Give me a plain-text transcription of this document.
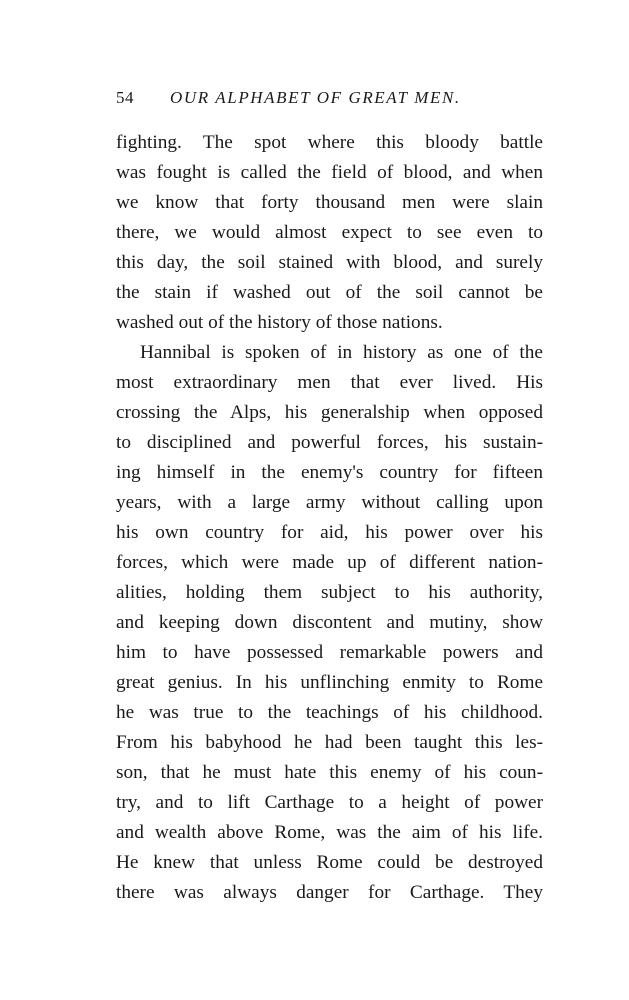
54 OUR ALPHABET OF GREAT MEN.
fighting. The spot where this bloody battle
was fought is called the field of blood, and when
we know that forty thousand men were slain
there, we would almost expect to see even to
this day, the soil stained with blood, and surely
the stain if washed out of the soil cannot be
washed out of the history of those nations.
Hannibal is spoken of in history as one of the
most extraordinary men that ever lived. His
crossing the Alps, his generalship when opposed
to disciplined and powerful forces, his sustain-
ing himself in the enemy's country for fifteen
years, with a large army without calling upon
his own country for aid, his power over his
forces, which were made up of different nation-
alities, holding them subject to his authority,
and keeping down discontent and mutiny, show
him to have possessed remarkable powers and
great genius. In his unflinching enmity to Rome
he was true to the teachings of his childhood.
From his babyhood he had been taught this les-
son, that he must hate this enemy of his coun-
try, and to lift Carthage to a height of power
and wealth above Rome, was the aim of his life.
He knew that unless Rome could be destroyed
there was always danger for Carthage. They
